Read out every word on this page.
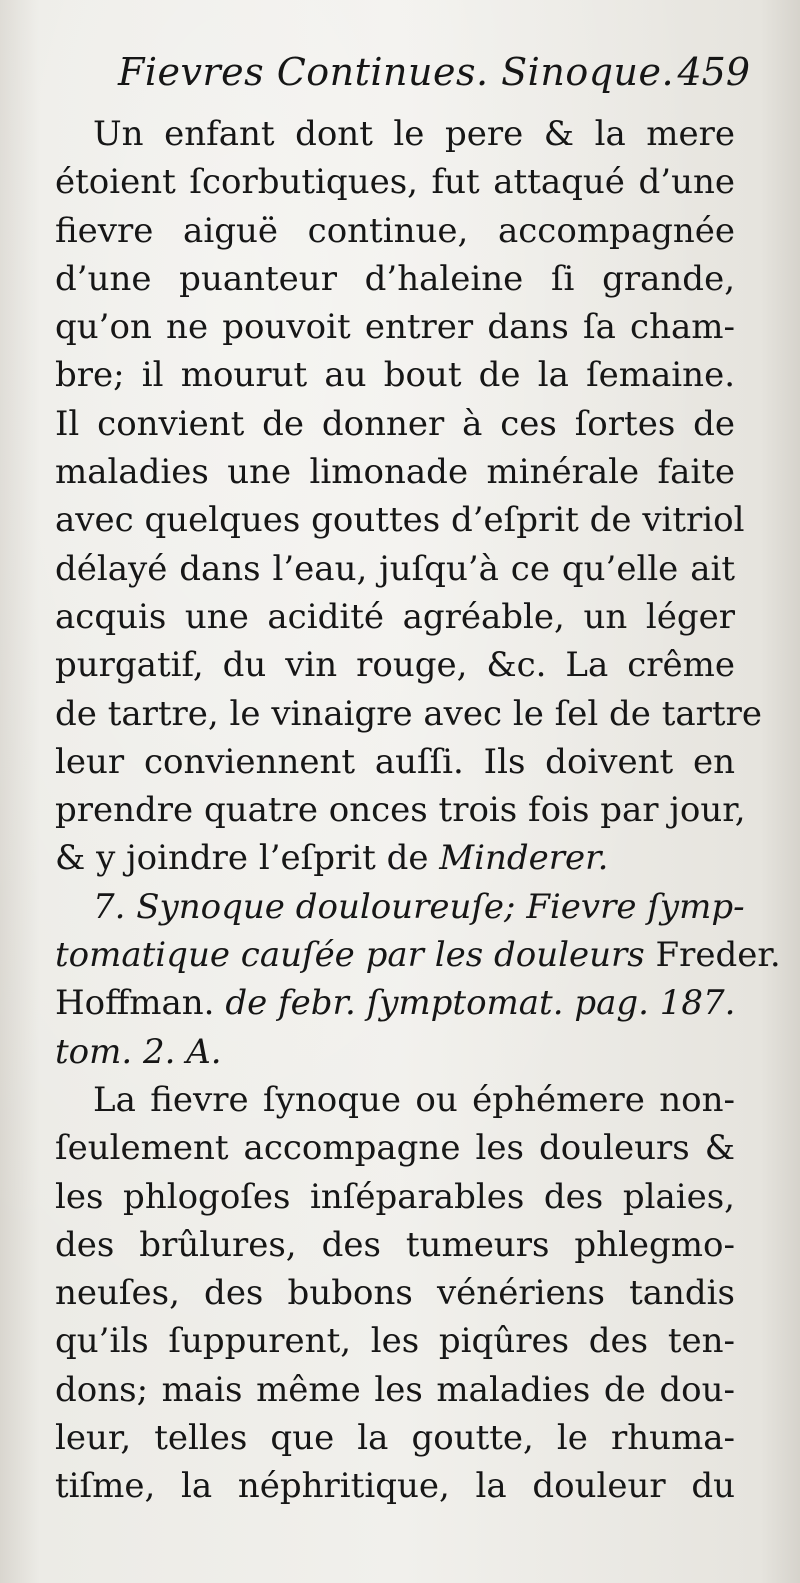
Fievres Continues. Sinoque. 459
Un enfant dont le pere & la mere
étoient ſcorbutiques, fut attaqué d’une
fievre aiguë continue, accompagnée
d’une puanteur d’haleine ſi grande,
qu’on ne pouvoit entrer dans ſa cham-
bre; il mourut au bout de la ſemaine.
Il convient de donner à ces ſortes de
maladies une limonade minérale faite
avec quelques gouttes d’eſprit de vitriol
délayé dans l’eau, juſqu’à ce qu’elle ait
acquis une acidité agréable, un léger
purgatif, du vin rouge, &c. La crême
de tartre, le vinaigre avec le ſel de tartre
leur conviennent auſſi. Ils doivent en
prendre quatre onces trois fois par jour,
& y joindre l’eſprit de Minderer.
7. Synoque douloureuſe; Fievre ſymp-
tomatique cauſée par les douleurs Freder.
Hoffman. de febr. ſymptomat. pag. 187.
tom. 2. A.
La fievre ſynoque ou éphémere non-
ſeulement accompagne les douleurs &
les phlogoſes inſéparables des plaies,
des brûlures, des tumeurs phlegmo-
neuſes, des bubons vénériens tandis
qu’ils ſuppurent, les piqûres des ten-
dons; mais même les maladies de dou-
leur, telles que la goutte, le rhuma-
tiſme, la néphritique, la douleur du
